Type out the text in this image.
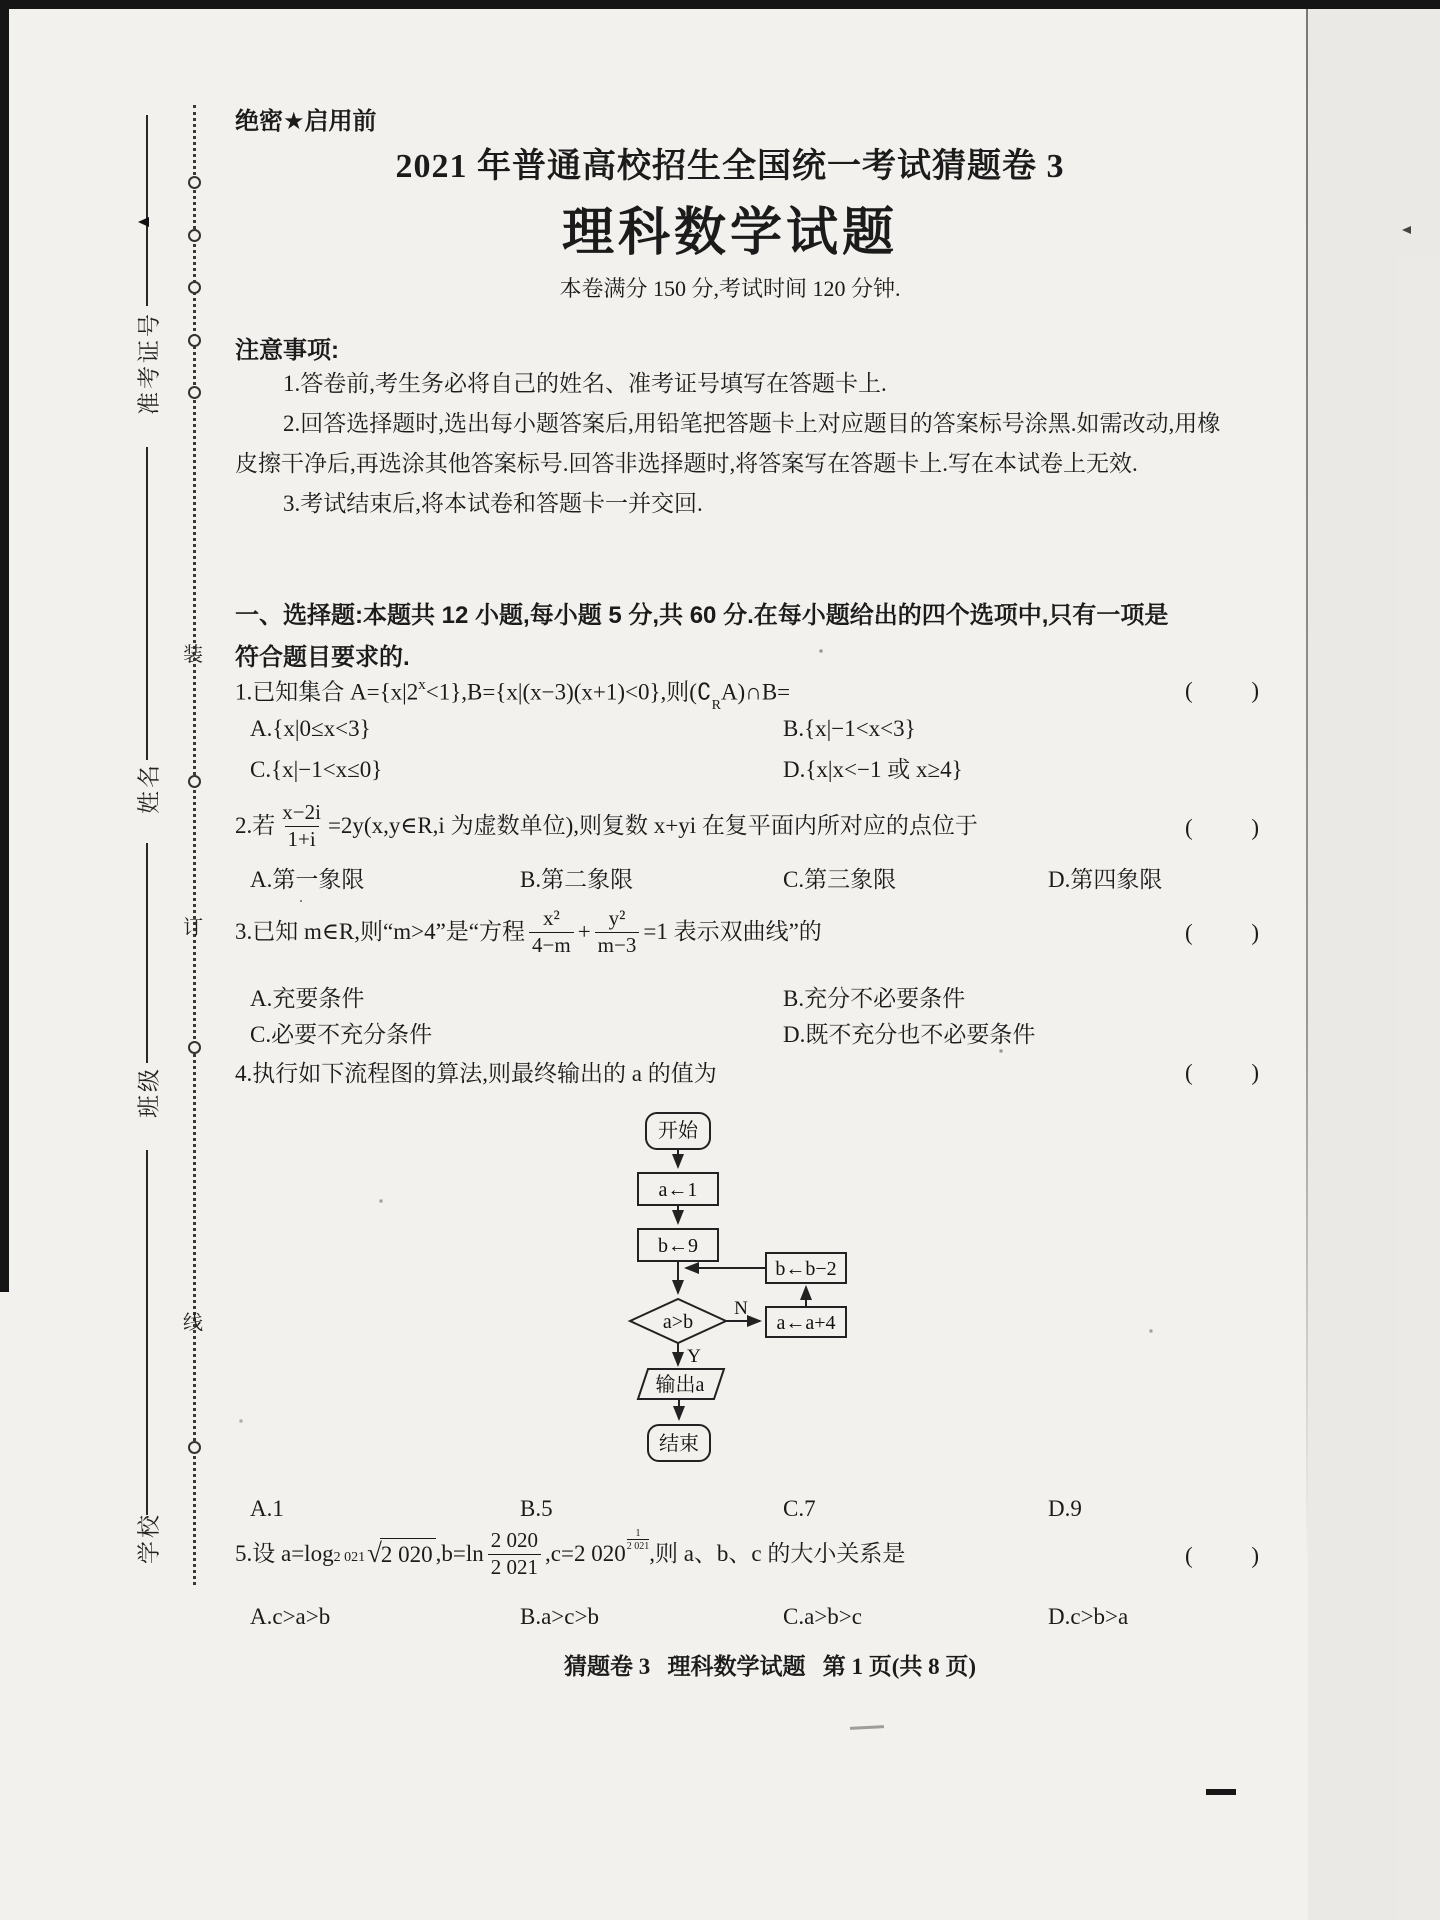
装
订
线
准考证号
姓名
班级
学校
绝密★启用前
2021 年普通高校招生全国统一考试猜题卷 3
理科数学试题
本卷满分 150 分,考试时间 120 分钟.
注意事项:
1.答卷前,考生务必将自己的姓名、准考证号填写在答题卡上.
2.回答选择题时,选出每小题答案后,用铅笔把答题卡上对应题目的答案标号涂黑.如需改动,用橡
皮擦干净后,再选涂其他答案标号.回答非选择题时,将答案写在答题卡上.写在本试卷上无效.
3.考试结束后,将本试卷和答题卡一并交回.
一、选择题:本题共 12 小题,每小题 5 分,共 60 分.在每小题给出的四个选项中,只有一项是
符合题目要求的.
1.已知集合 $A=\{x|2^x<1\},B=\{x|(x-3)(x+1)<0\}$,则$(∁_RA)\cap B=$	(	)
A.{x|0≤x<3}	B.{x|−1<x<3}
C.{x|−1<x≤0}	D.{x|x<−1 或 x≥4}
2.若 $\frac{x-2i}{1+i}$ =2y(x,y∈R,i 为虚数单位),则复数 x+yi 在复平面内所对应的点位于	(	)
A.第一象限	B.第二象限	C.第三象限	D.第四象限
3.已知 m∈R,则“m>4”是“方程 $\frac{\text{x²}}{4-m} + \frac{\text{y²}}{m-3} =1$ 表示双曲线”的	(	)
A.充要条件	B.充分不必要条件
C.必要不充分条件	D.既不充分也不必要条件
4.执行如下流程图的算法,则最终输出的 a 的值为	(	)
开始
a←1
b←9
a>b
b←b−2
a←a+4
输出a
结束
N
Y
A.1	B.5	C.7	D.9
5.设 $a=\log_{2 021}$ √ 2 020 $,b=\ln \frac{2 020}{2 021} ,c=2$ 020
$^{\frac{1}{2 021}}$
,则 a、b、c 的大小关系是	(	)
A.c>a>b	B.a>c>b	C.a>b>c	D.c>b>a
猜题卷 3   理科数学试题   第 1 页(共 8 页)
